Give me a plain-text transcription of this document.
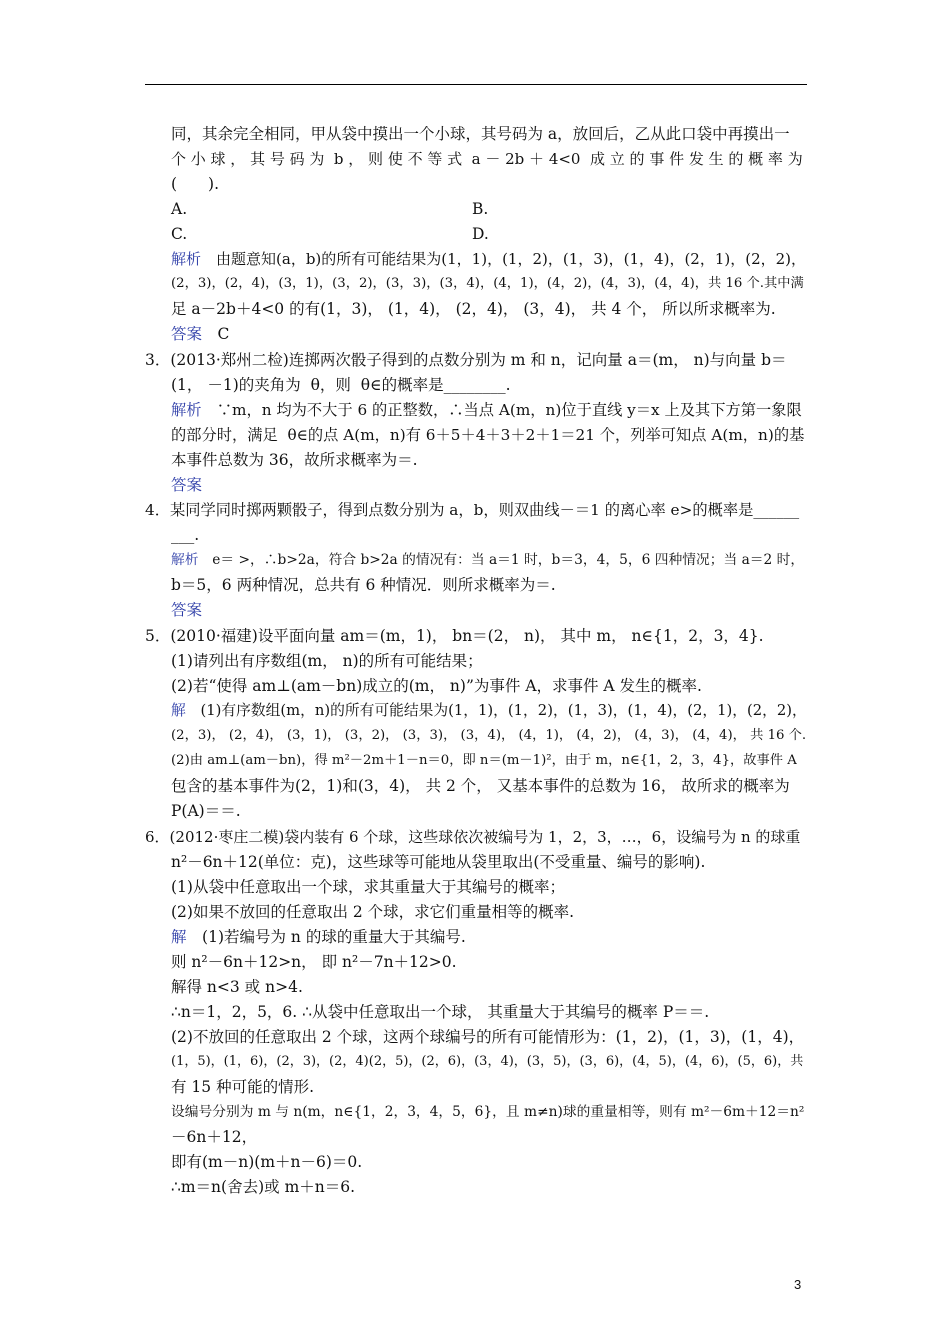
同，其余完全相同，甲从袋中摸出一个小球，其号码为 a，放回后，乙从此口袋中再摸出一
个 小 球 ， 其 号 码 为  b ， 则 使 不 等 式  a － 2b ＋ 4<0  成 立 的 事 件 发 生 的 概 率 为
(　　).
A.	B.
C.	D.
解析　 由题意知(a，b)的所有可能结果为(1，1)，(1，2)，(1，3)，(1，4)，(2，1)，(2，2)，
(2，3)，(2，4)，(3，1)，(3，2)，(3，3)，(3，4)，(4，1)，(4，2)，(4，3)，(4，4)，共 16 个.其中满
足 a－2b＋4<0 的有(1，3)， (1，4)， (2，4)， (3，4)， 共 4 个， 所以所求概率为.
答案　 C
3．(2013·郑州二检)连掷两次骰子得到的点数分别为 m 和 n，记向量 a＝(m， n)与向量 b＝
(1， －1)的夹角为  θ，则  θ∈的概率是________.
解析　 ∵m，n 均为不大于 6 的正整数，∴当点 A(m，n)位于直线 y＝x 上及其下方第一象限
的部分时，满足  θ∈的点 A(m，n)有 6＋5＋4＋3＋2＋1＝21 个，列举可知点 A(m，n)的基
本事件总数为 36，故所求概率为＝.
答案
4．某同学同时掷两颗骰子，得到点数分别为 a，b，则双曲线－＝1 的离心率 e>的概率是______
___.
解析　 e＝ >，∴b>2a，符合 b>2a 的情况有：当 a＝1 时，b＝3，4，5，6 四种情况；当 a＝2 时，
b＝5，6 两种情况，总共有 6 种情况．则所求概率为＝.
答案
5．(2010·福建)设平面向量 am＝(m，1)， bn＝(2， n)， 其中 m， n∈{1，2，3，4}.
(1)请列出有序数组(m， n)的所有可能结果；
(2)若“使得 am⊥(am－bn)成立的(m， n)”为事件 A，求事件 A 发生的概率.
解　 (1)有序数组(m，n)的所有可能结果为(1，1)，(1，2)，(1，3)，(1，4)，(2，1)，(2，2)，
(2，3)， (2，4)， (3，1)， (3，2)， (3，3)， (3，4)， (4，1)， (4，2)， (4，3)， (4，4)， 共 16 个.
(2)由 am⊥(am－bn)，得 m²－2m＋1－n＝0，即 n＝(m－1)²，由于 m，n∈{1，2，3，4}，故事件 A
包含的基本事件为(2，1)和(3，4)， 共 2 个， 又基本事件的总数为 16， 故所求的概率为
P(A)＝＝.
6．(2012·枣庄二模)袋内装有 6 个球，这些球依次被编号为 1，2，3，…，6，设编号为 n 的球重
n²－6n＋12(单位：克)，这些球等可能地从袋里取出(不受重量、编号的影响).
(1)从袋中任意取出一个球，求其重量大于其编号的概率；
(2)如果不放回的任意取出 2 个球，求它们重量相等的概率.
解　 (1)若编号为 n 的球的重量大于其编号.
则 n²－6n＋12>n， 即 n²－7n＋12>0.
解得 n<3 或 n>4.
∴n＝1，2，5，6. ∴从袋中任意取出一个球， 其重量大于其编号的概率 P＝＝.
(2)不放回的任意取出 2 个球，这两个球编号的所有可能情形为：(1，2)，(1，3)，(1，4)，
(1，5)，(1，6)，(2，3)，(2，4)(2，5)，(2，6)，(3，4)，(3，5)，(3，6)，(4，5)，(4，6)，(5，6)，共
有 15 种可能的情形.
设编号分别为 m 与 n(m，n∈{1，2，3，4，5，6}，且 m≠n)球的重量相等，则有 m²－6m＋12＝n²
－6n＋12，
即有(m－n)(m＋n－6)＝0.
∴m＝n(舍去)或 m＋n＝6.
3
